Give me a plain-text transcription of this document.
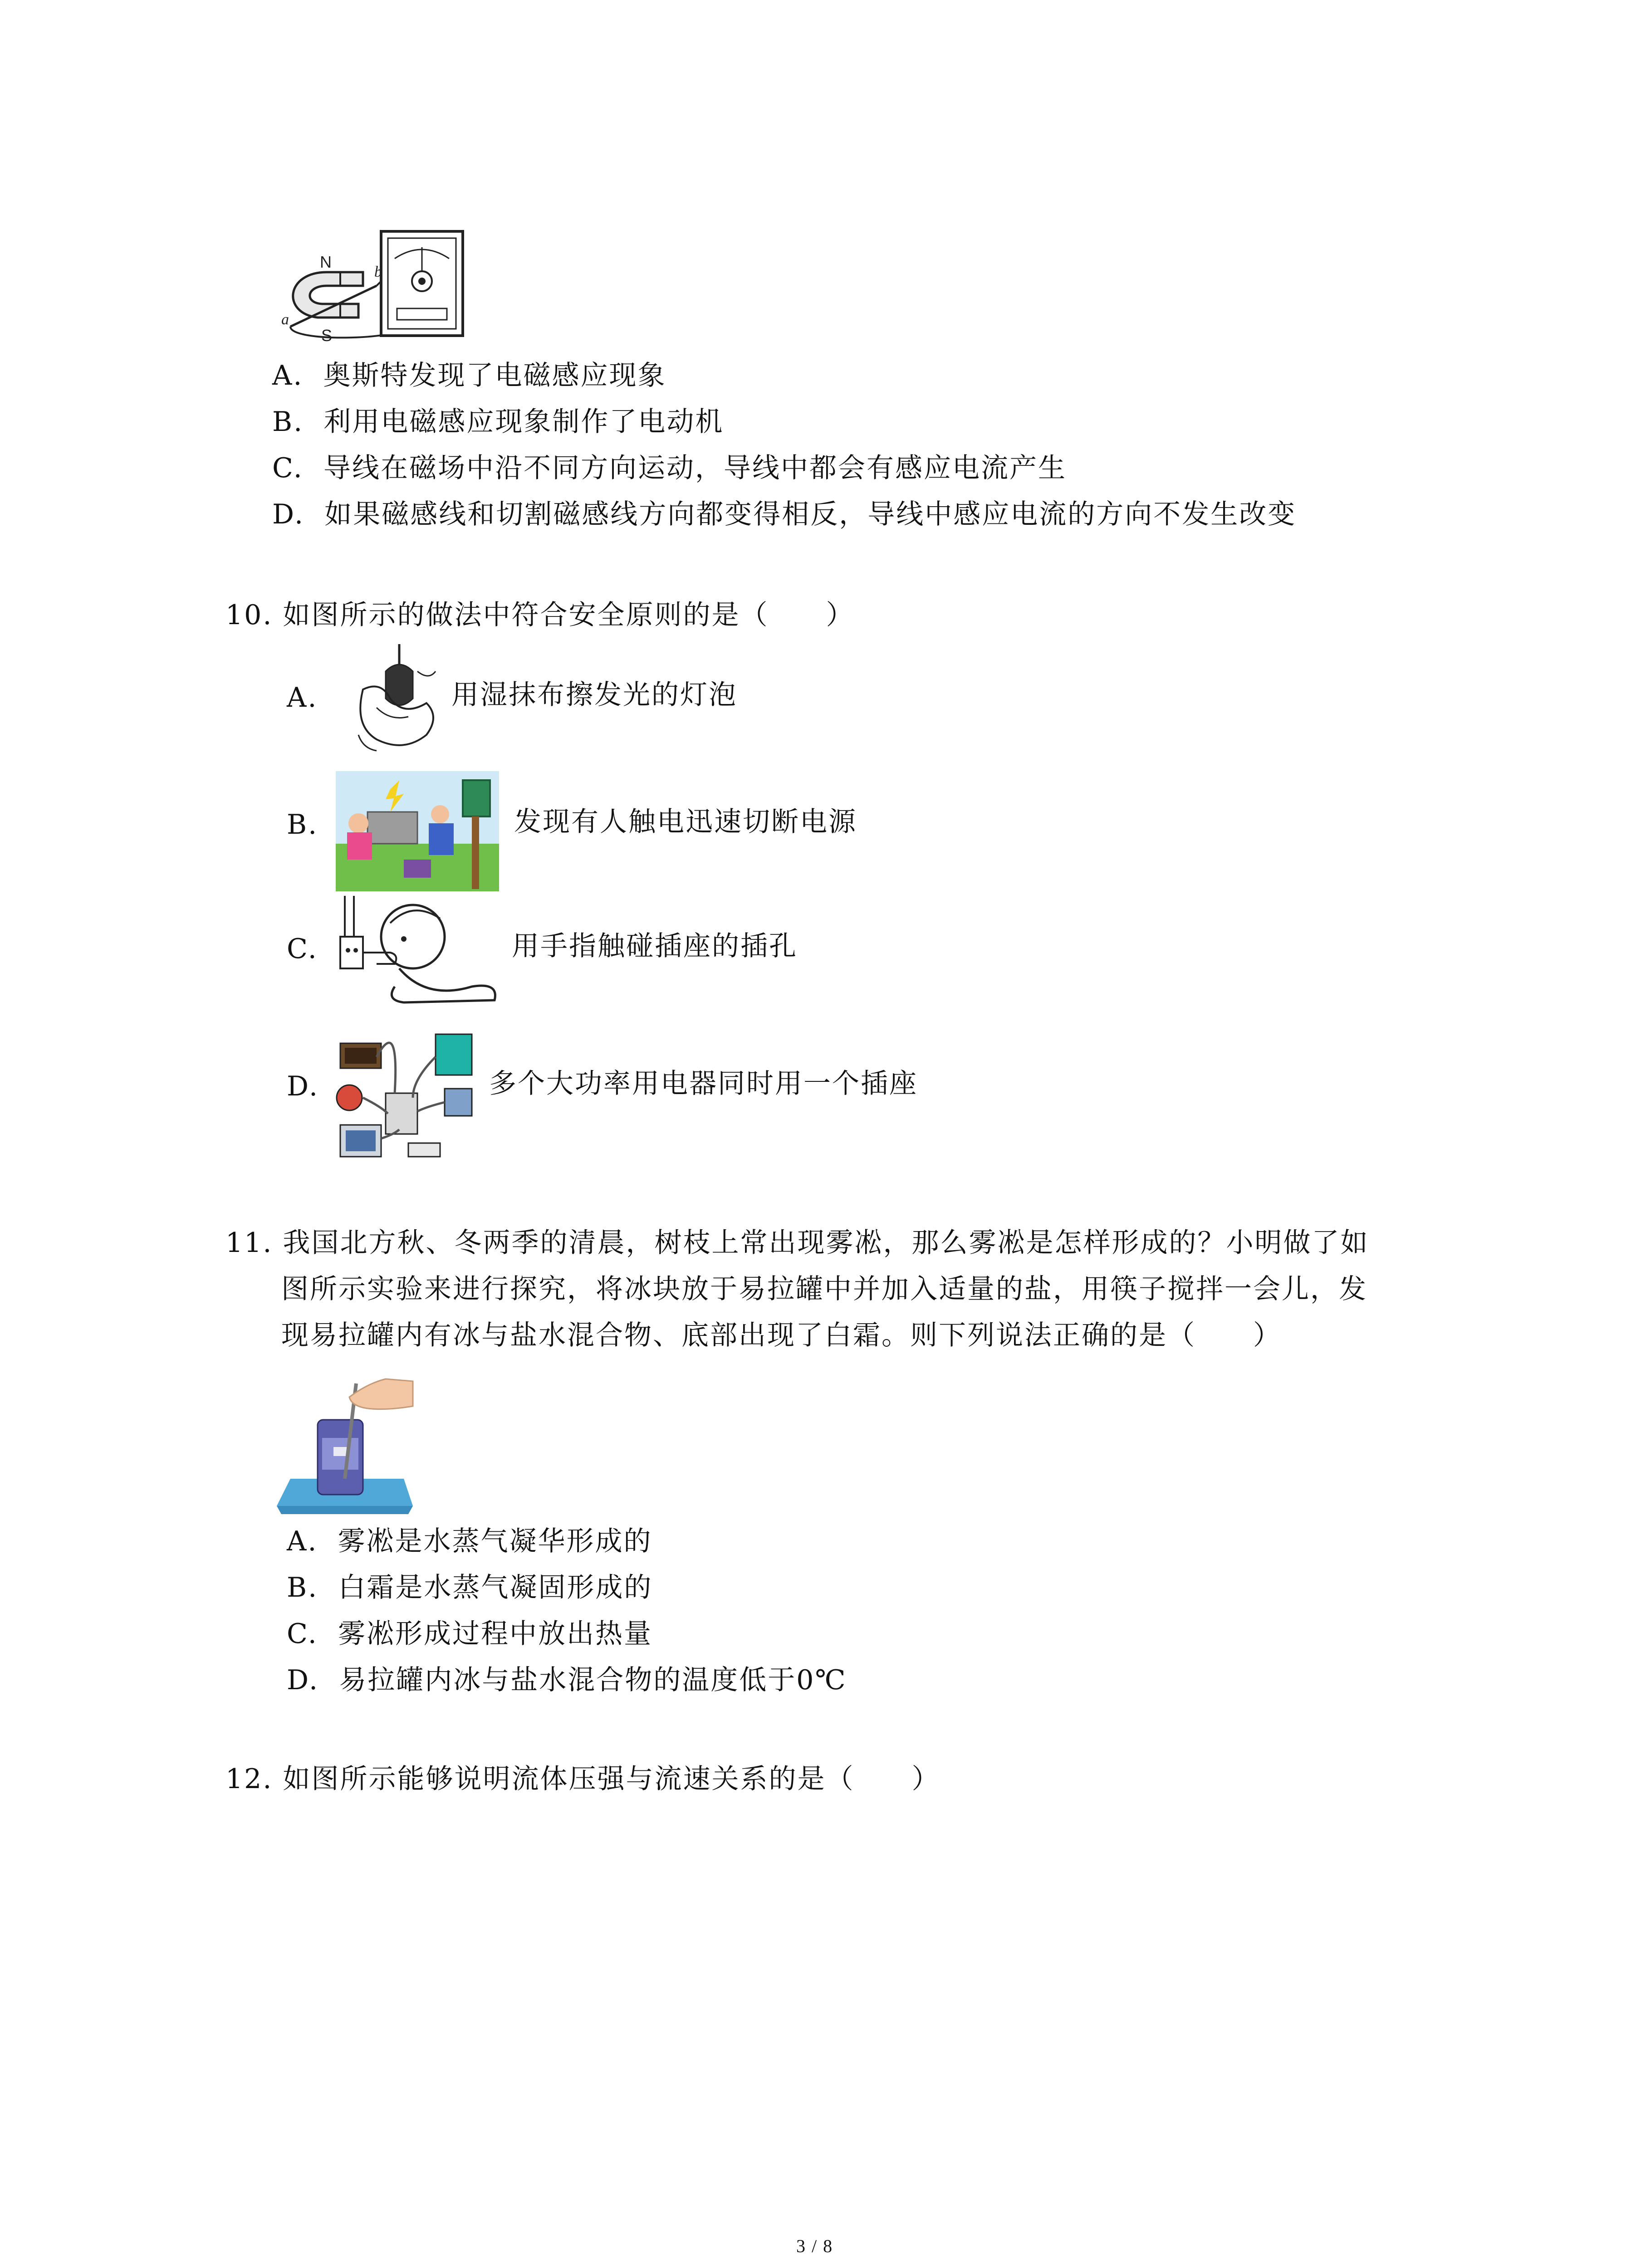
N
S
a
b
A. 奥斯特发现了电磁感应现象
B. 利用电磁感应现象制作了电动机
C. 导线在磁场中沿不同方向运动，导线中都会有感应电流产生
D. 如果磁感线和切割磁感线方向都变得相反，导线中感应电流的方向不发生改变
10. 如图所示的做法中符合安全原则的是（　　）
A.	用湿抹布擦发光的灯泡
B.	发现有人触电迅速切断电源
C.	用手指触碰插座的插孔
D.	多个大功率用电器同时用一个插座
11. 我国北方秋、冬两季的清晨，树枝上常出现雾凇，那么雾凇是怎样形成的？小明做了如
图所示实验来进行探究，将冰块放于易拉罐中并加入适量的盐，用筷子搅拌一会儿，发
现易拉罐内有冰与盐水混合物、底部出现了白霜。则下列说法正确的是（　　）
A. 雾凇是水蒸气凝华形成的
B. 白霜是水蒸气凝固形成的
C. 雾凇形成过程中放出热量
D. 易拉罐内冰与盐水混合物的温度低于0℃
12. 如图所示能够说明流体压强与流速关系的是（　　）
3 / 8
